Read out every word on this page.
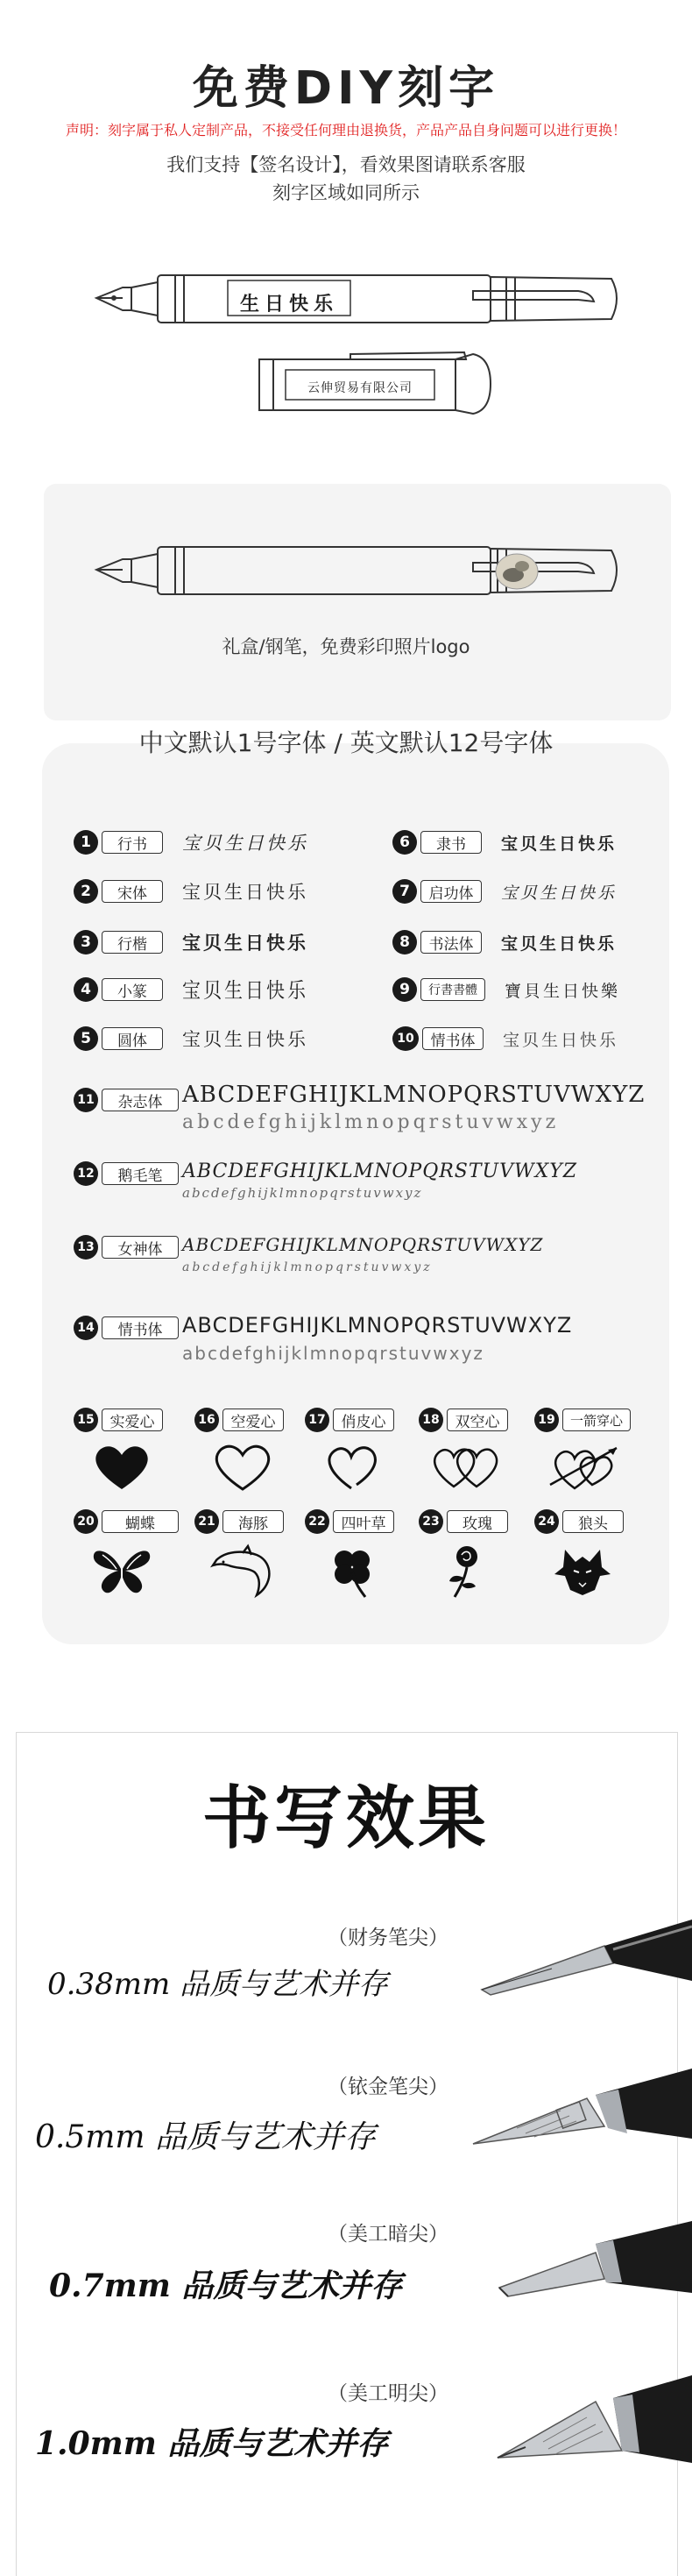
免费DIY刻字
声明：刻字属于私人定制产品，不接受任何理由退换货，产品产品自身问题可以进行更换！
我们支持【签名设计】，看效果图请联系客服
刻字区域如同所示
生日快乐
云伸贸易有限公司
礼盒/钢笔，免费彩印照片logo
中文默认1号字体 / 英文默认12号字体
1	行书	宝贝生日快乐
2	宋体	宝贝生日快乐
3	行楷	宝贝生日快乐
4	小篆	宝贝生日快乐
5	圆体	宝贝生日快乐
6	隶书	宝贝生日快乐
7	启功体	宝贝生日快乐
8	书法体	宝贝生日快乐
9	行書書體	寶貝生日快樂
10	情书体	宝贝生日快乐
11	杂志体 ABCDEFGHIJKLMNOPQRSTUVWXYZ
abcdefghijklmnopqrstuvwxyz
12	鹅毛笔	ABCDEFGHIJKLMNOPQRSTUVWXYZ
abcdefghijklmnopqrstuvwxyz
13	女神体	ABCDEFGHIJKLMNOPQRSTUVWXYZ
abcdefghijklmnopqrstuvwxyz
14	情书体 ABCDEFGHIJKLMNOPQRSTUVWXYZ
abcdefghijklmnopqrstuvwxyz
15	实爱心	16	空爱心	17	俏皮心	18	双空心	19	一箭穿心
20	蝴蝶	21	海豚	22	四叶草	23	玫瑰	24	狼头
书写效果
（财务笔尖）
0.38mm 品质与艺术并存
（铱金笔尖）
0.5mm 品质与艺术并存
（美工暗尖）
0.7mm 品质与艺术并存
（美工明尖）
1.0mm 品质与艺术并存
